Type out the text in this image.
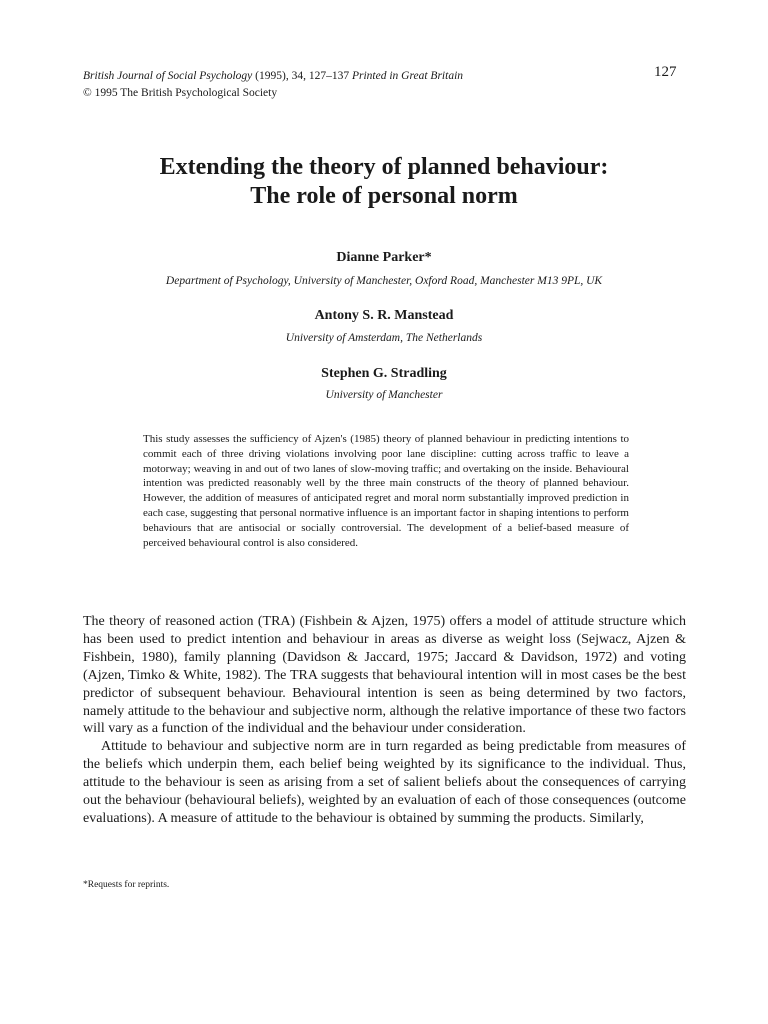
British Journal of Social Psychology (1995), 34, 127–137 Printed in Great Britain
© 1995 The British Psychological Society
127
Extending the theory of planned behaviour:
The role of personal norm
Dianne Parker*
Department of Psychology, University of Manchester, Oxford Road, Manchester M13 9PL, UK
Antony S. R. Manstead
University of Amsterdam, The Netherlands
Stephen G. Stradling
University of Manchester
This study assesses the sufficiency of Ajzen's (1985) theory of planned behaviour in predicting intentions to commit each of three driving violations involving poor lane discipline: cutting across traffic to leave a motorway; weaving in and out of two lanes of slow-moving traffic; and overtaking on the inside. Behavioural intention was predicted reasonably well by the three main constructs of the theory of planned behaviour. However, the addition of measures of anticipated regret and moral norm substantially improved prediction in each case, suggesting that personal normative influence is an important factor in shaping intentions to perform behaviours that are antisocial or socially controversial. The development of a belief-based measure of perceived behavioural control is also considered.

The theory of reasoned action (TRA) (Fishbein & Ajzen, 1975) offers a model of attitude structure which has been used to predict intention and behaviour in areas as diverse as weight loss (Sejwacz, Ajzen & Fishbein, 1980), family planning (Davidson & Jaccard, 1975; Jaccard & Davidson, 1972) and voting (Ajzen, Timko & White, 1982). The TRA suggests that behavioural intention will in most cases be the best predictor of subsequent behaviour. Behavioural intention is seen as being determined by two factors, namely attitude to the behaviour and subjective norm, although the relative importance of these two factors will vary as a function of the individual and the behaviour under consideration.

Attitude to behaviour and subjective norm are in turn regarded as being predictable from measures of the beliefs which underpin them, each belief being weighted by its significance to the individual. Thus, attitude to the behaviour is seen as arising from a set of salient beliefs about the consequences of carrying out the behaviour (behavioural beliefs), weighted by an evaluation of each of those consequences (outcome evaluations). A measure of attitude to the behaviour is obtained by summing the products. Similarly,

*Requests for reprints.
